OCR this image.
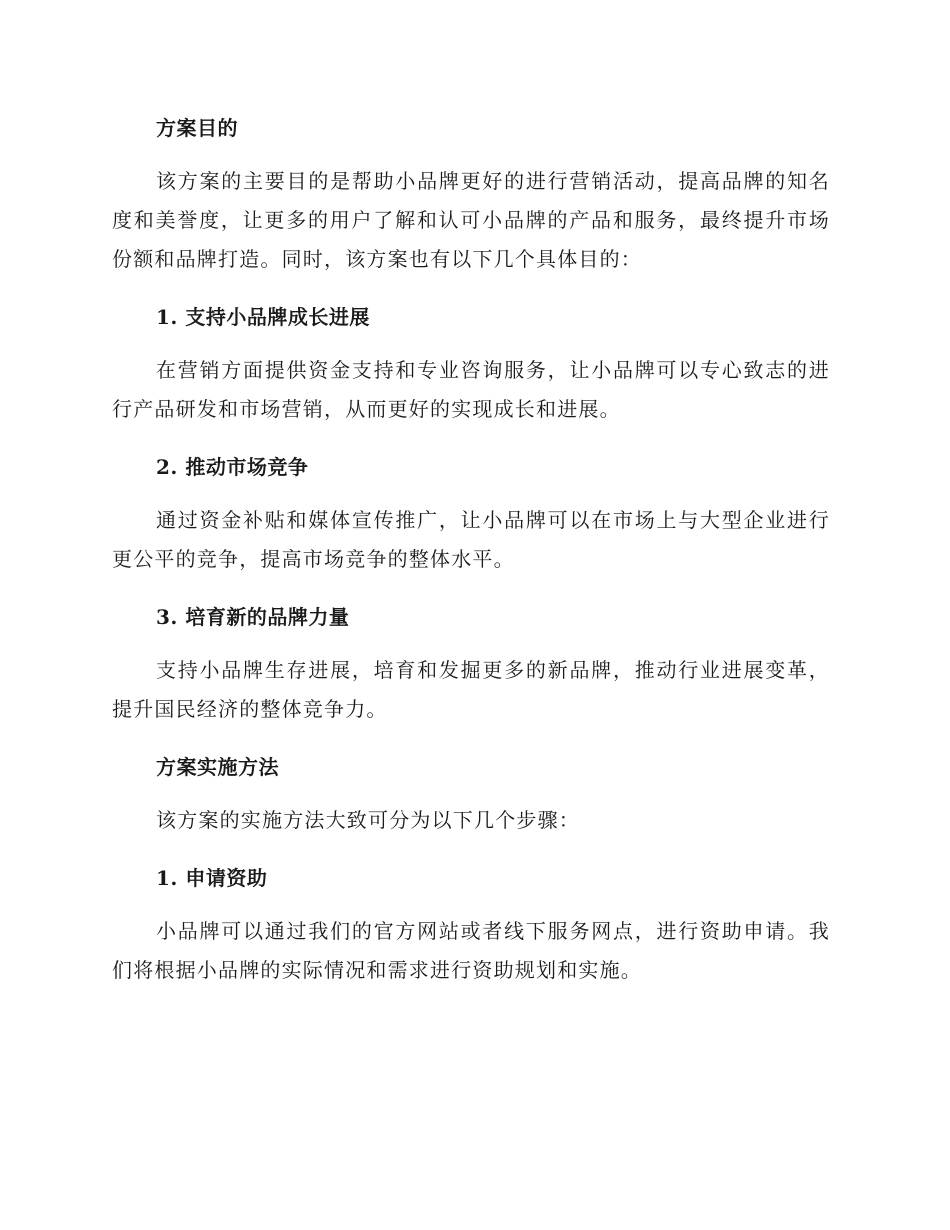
方案目的

该方案的主要目的是帮助小品牌更好的进行营销活动，提高品牌的知名度和美誉度，让更多的用户了解和认可小品牌的产品和服务，最终提升市场份额和品牌打造。同时，该方案也有以下几个具体目的：

1. 支持小品牌成长进展

在营销方面提供资金支持和专业咨询服务，让小品牌可以专心致志的进行产品研发和市场营销，从而更好的实现成长和进展。

2. 推动市场竞争

通过资金补贴和媒体宣传推广，让小品牌可以在市场上与大型企业进行更公平的竞争，提高市场竞争的整体水平。

3. 培育新的品牌力量

支持小品牌生存进展，培育和发掘更多的新品牌，推动行业进展变革，提升国民经济的整体竞争力。

方案实施方法

该方案的实施方法大致可分为以下几个步骤：

1. 申请资助

小品牌可以通过我们的官方网站或者线下服务网点，进行资助申请。我们将根据小品牌的实际情况和需求进行资助规划和实施。
